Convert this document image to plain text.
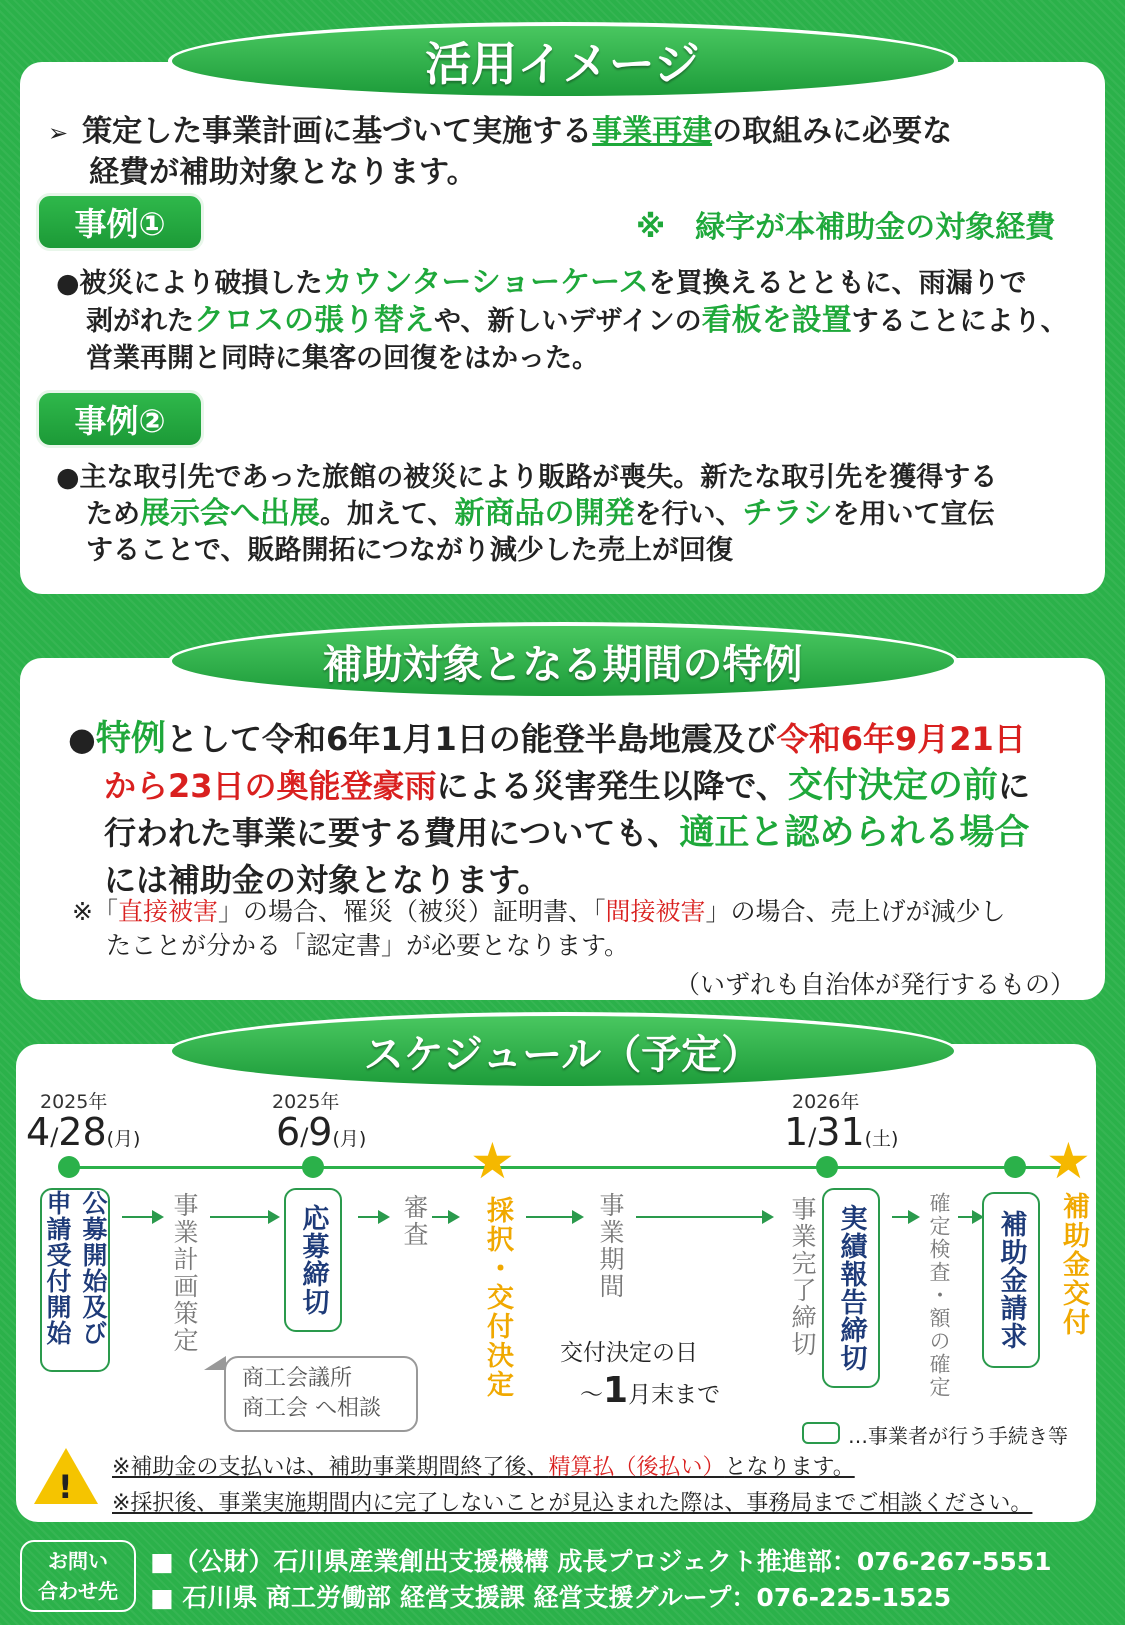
活用イメージ
➢ 策定した事業計画に基づいて実施する事業再建の取組みに必要な
経費が補助対象となります。
事例①	※　緑字が本補助金の対象経費
●被災により破損したカウンターショーケースを買換えるとともに、雨漏りで
剥がれたクロスの張り替えや、新しいデザインの看板を設置することにより、
営業再開と同時に集客の回復をはかった。
事例②
●主な取引先であった旅館の被災により販路が喪失。新たな取引先を獲得する
ため展示会へ出展。加えて、新商品の開発を行い、チラシを用いて宣伝
することで、販路開拓につながり減少した売上が回復
補助対象となる期間の特例
●特例として令和6年1月1日の能登半島地震及び令和6年9月21日
から23日の奥能登豪雨による災害発生以降で、交付決定の前に
行われた事業に要する費用についても、適正と認められる場合
には補助金の対象となります。
※「直接被害」の場合、罹災（被災）証明書、「間接被害」の場合、売上げが減少し
たことが分かる「認定書」が必要となります。
（いずれも自治体が発行するもの）
スケジュール（予定）
2025年
4/28(月)
2025年
6/9(月)
2026年
1/31(土)
★	★
公募開始及び申請受付開始	事業計画策定	応募締切	審査 採択・交付決定	事業期間	事業完了締切 実績報告締切	確定検査・額の確定 補助金請求 補助金交付
商工会議所
商工会 へ相談
交付決定の日
～1月末まで
…事業者が行う手続き等
!
※補助金の支払いは、補助事業期間終了後、精算払（後払い）となります。
※採択後、事業実施期間内に完了しないことが見込まれた際は、事務局までご相談ください。
お問い
合わせ先
■（公財）石川県産業創出支援機構 成長プロジェクト推進部：076-267-5551
■ 石川県 商工労働部 経営支援課 経営支援グループ：076-225-1525
